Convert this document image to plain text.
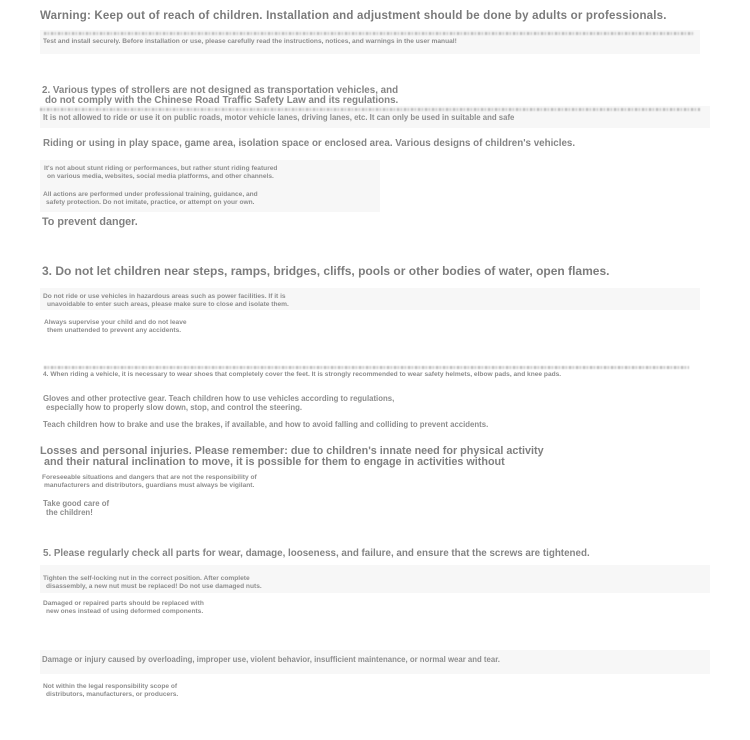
Warning: Keep out of reach of children. Installation and adjustment should be done by adults or professionals.

Test and install securely. Before installation or use, please carefully read the instructions, notices, and warnings in the user manual!

2. Various types of strollers are not designed as transportation vehicles, and

do not comply with the Chinese Road Traffic Safety Law and its regulations.

It is not allowed to ride or use it on public roads, motor vehicle lanes, driving lanes, etc. It can only be used in suitable and safe

Riding or using in play space, game area, isolation space or enclosed area. Various designs of children's vehicles.

It's not about stunt riding or performances, but rather stunt riding featured

on various media, websites, social media platforms, and other channels.

All actions are performed under professional training, guidance, and

safety protection. Do not imitate, practice, or attempt on your own.

To prevent danger.

3. Do not let children near steps, ramps, bridges, cliffs, pools or other bodies of water, open flames.

Do not ride or use vehicles in hazardous areas such as power facilities. If it is

unavoidable to enter such areas, please make sure to close and isolate them.

Always supervise your child and do not leave

them unattended to prevent any accidents.

4. When riding a vehicle, it is necessary to wear shoes that completely cover the feet. It is strongly recommended to wear safety helmets, elbow pads, and knee pads.

Gloves and other protective gear. Teach children how to use vehicles according to regulations,

especially how to properly slow down, stop, and control the steering.

Teach children how to brake and use the brakes, if available, and how to avoid falling and colliding to prevent accidents.

Losses and personal injuries. Please remember: due to children's innate need for physical activity

and their natural inclination to move, it is possible for them to engage in activities without

Foreseeable situations and dangers that are not the responsibility of

manufacturers and distributors, guardians must always be vigilant.

Take good care of

the children!

5. Please regularly check all parts for wear, damage, looseness, and failure, and ensure that the screws are tightened.

Tighten the self-locking nut in the correct position. After complete

disassembly, a new nut must be replaced! Do not use damaged nuts.

Damaged or repaired parts should be replaced with

new ones instead of using deformed components.

Damage or injury caused by overloading, improper use, violent behavior, insufficient maintenance, or normal wear and tear.

Not within the legal responsibility scope of

distributors, manufacturers, or producers.
